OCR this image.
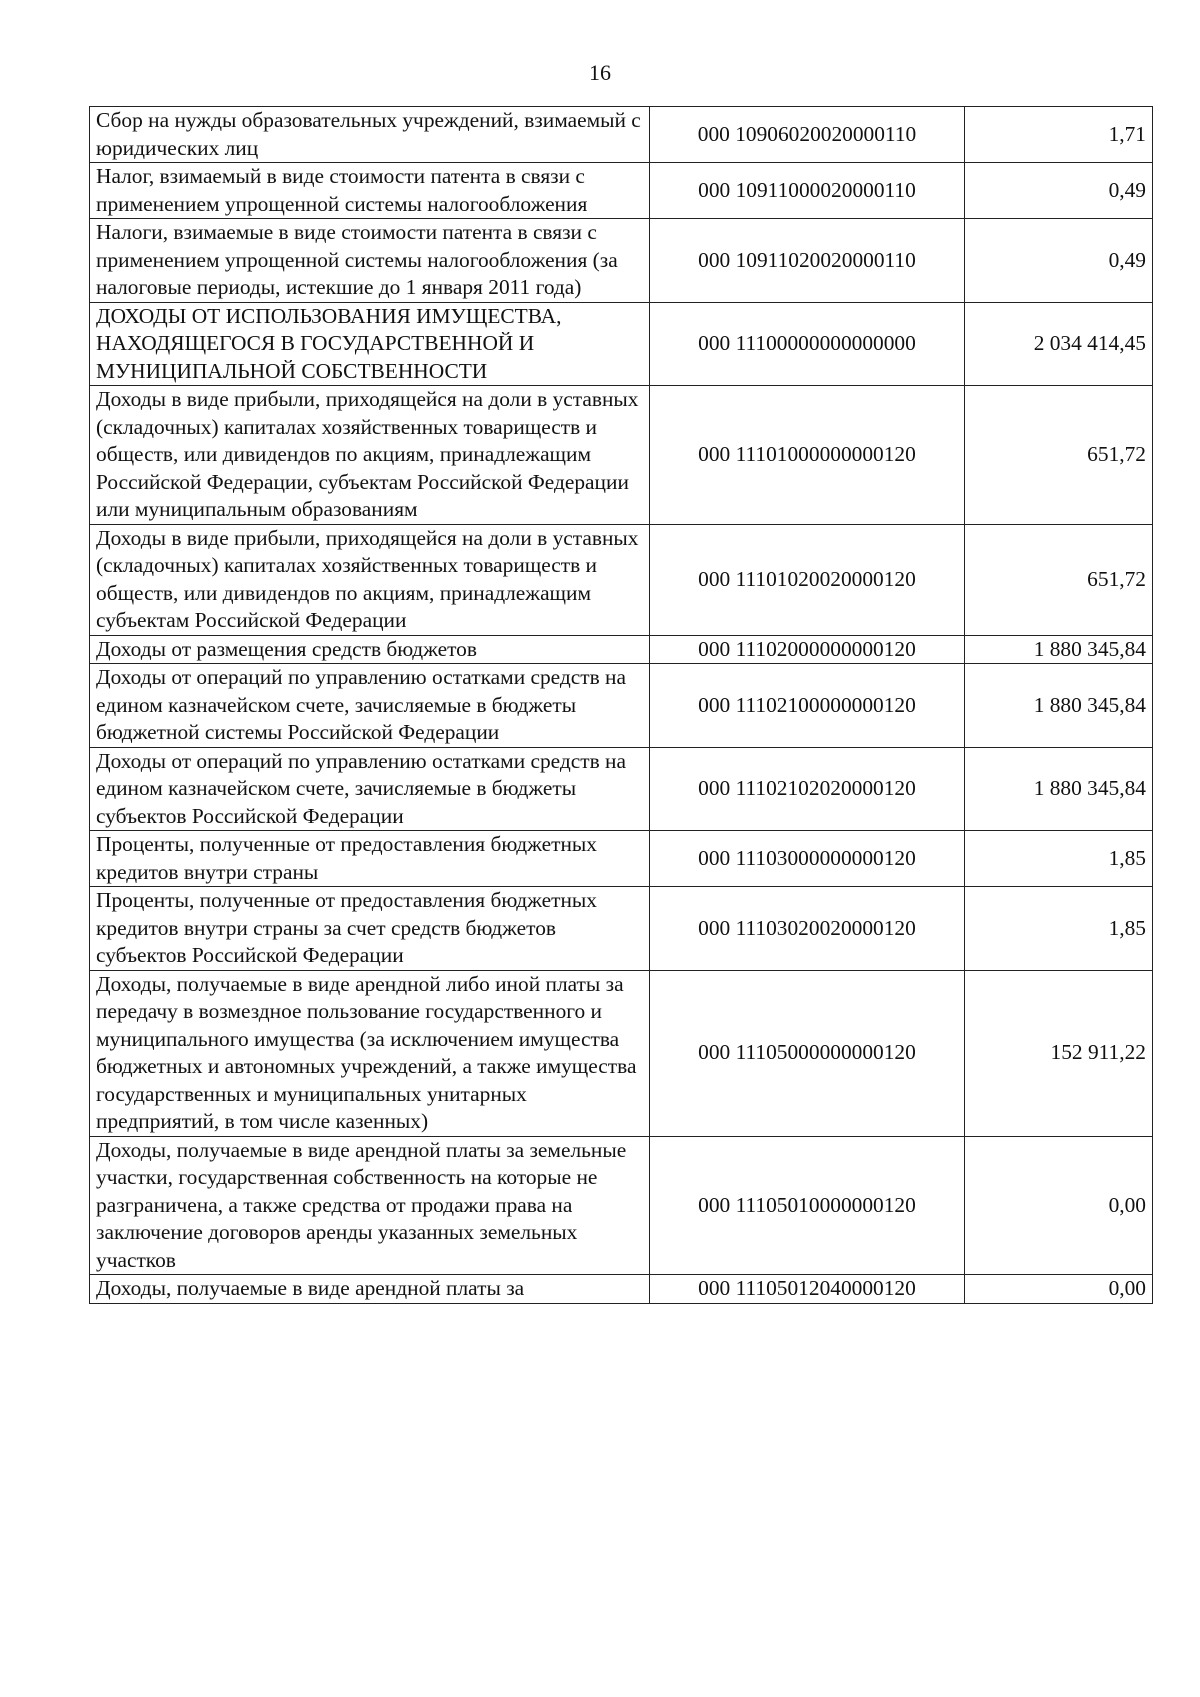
16
Сбор на нужды образовательных учреждений, взимаемый с юридических лиц	000 10906020020000110	1,71
Налог, взимаемый в виде стоимости патента в связи с применением упрощенной системы налогообложения	000 10911000020000110	0,49
Налоги, взимаемые в виде стоимости патента в связи с применением упрощенной системы налогообложения (за налоговые периоды, истекшие до 1 января 2011 года)	000 10911020020000110	0,49
ДОХОДЫ ОТ ИСПОЛЬЗОВАНИЯ ИМУЩЕСТВА, НАХОДЯЩЕГОСЯ В ГОСУДАРСТВЕННОЙ И МУНИЦИПАЛЬНОЙ СОБСТВЕННОСТИ	000 11100000000000000	2 034 414,45
Доходы в виде прибыли, приходящейся на доли в уставных (складочных) капиталах хозяйственных товариществ и обществ, или дивидендов по акциям, принадлежащим Российской Федерации, субъектам Российской Федерации или муниципальным образованиям	000 11101000000000120	651,72
Доходы в виде прибыли, приходящейся на доли в уставных (складочных) капиталах хозяйственных товариществ и обществ, или дивидендов по акциям, принадлежащим субъектам Российской Федерации	000 11101020020000120	651,72
Доходы от размещения средств бюджетов	000 11102000000000120	1 880 345,84
Доходы от операций по управлению остатками средств на едином казначейском счете, зачисляемые в бюджеты бюджетной системы Российской Федерации	000 11102100000000120	1 880 345,84
Доходы от операций по управлению остатками средств на едином казначейском счете, зачисляемые в бюджеты субъектов Российской Федерации	000 11102102020000120	1 880 345,84
Проценты, полученные от предоставления бюджетных кредитов внутри страны	000 11103000000000120	1,85
Проценты, полученные от предоставления бюджетных кредитов внутри страны за счет средств бюджетов субъектов Российской Федерации	000 11103020020000120	1,85
Доходы, получаемые в виде арендной либо иной платы за передачу в возмездное пользование государственного и муниципального имущества (за исключением имущества бюджетных и автономных учреждений, а также имущества государственных и муниципальных унитарных предприятий, в том числе казенных)	000 11105000000000120	152 911,22
Доходы, получаемые в виде арендной платы за земельные участки, государственная собственность на которые не разграничена, а также средства от продажи права на заключение договоров аренды указанных земельных участков	000 11105010000000120	0,00
Доходы, получаемые в виде арендной платы за	000 11105012040000120	0,00
